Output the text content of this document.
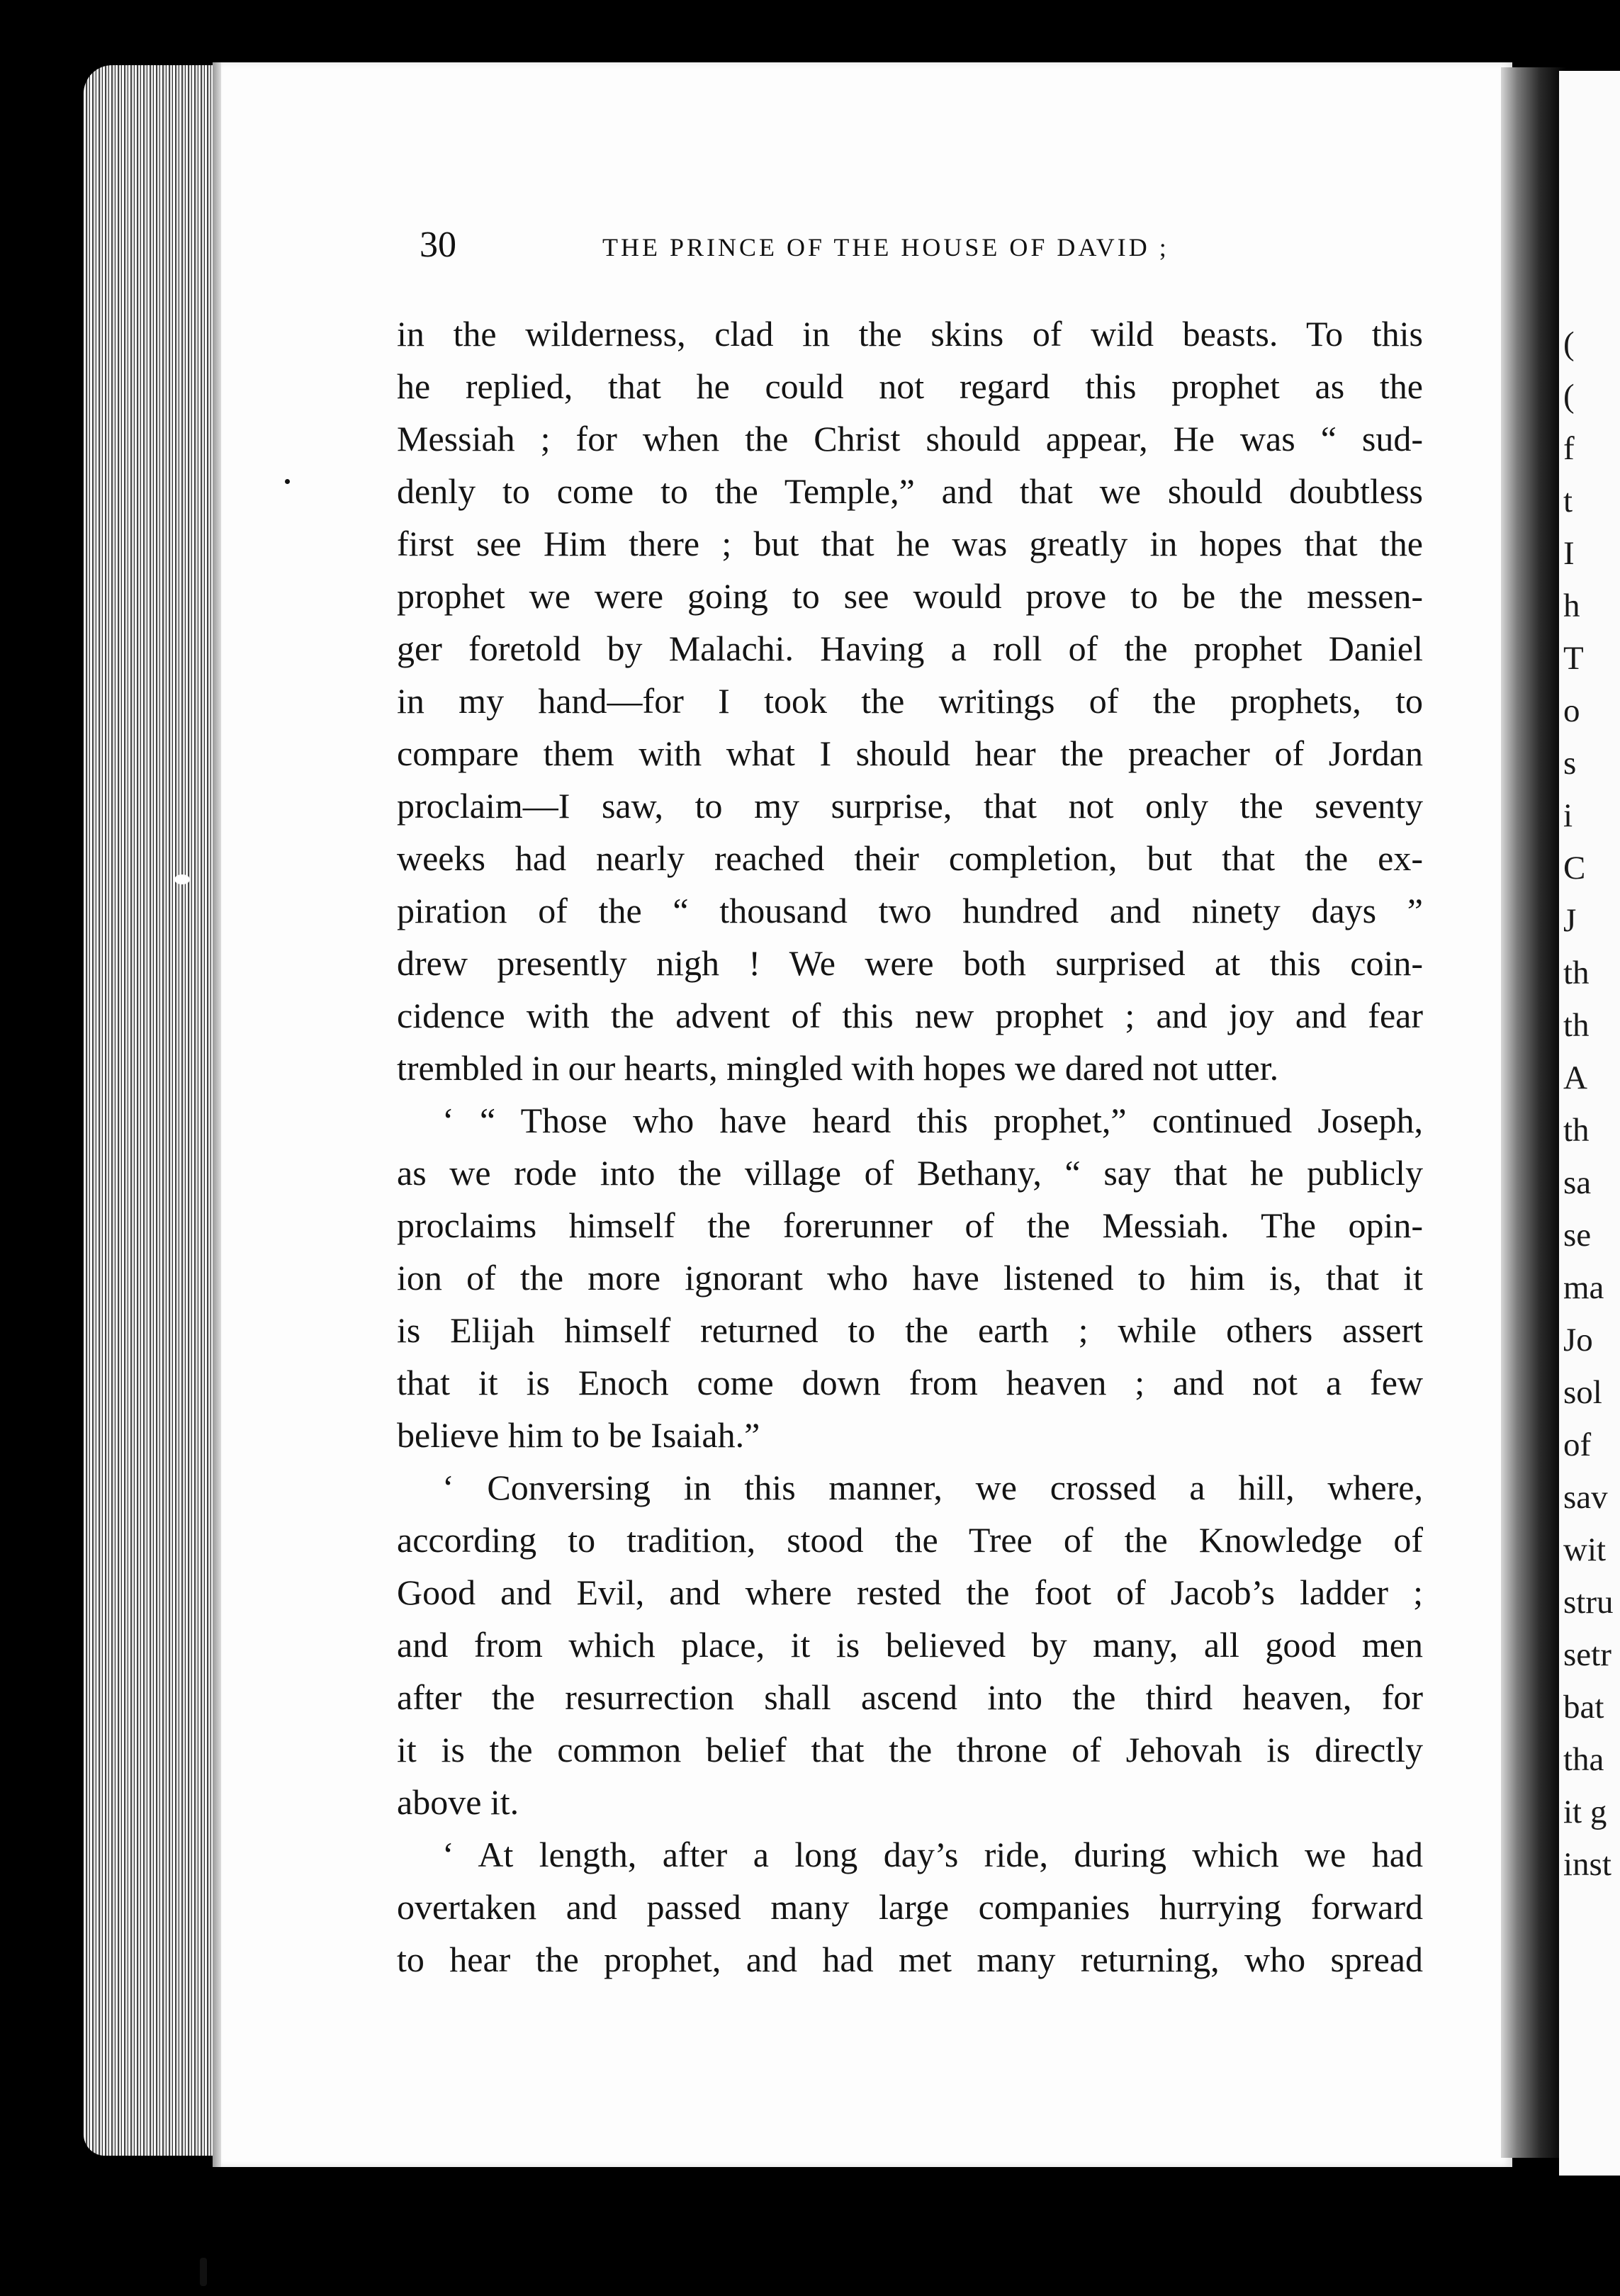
(
(
f
t
I
h
T
o
s
i
C
J
th
th
A
th
sa
se
ma
Jo
sol
of
sav
wit
stru
setr
bat
tha
it g
inst
30	THE PRINCE OF THE HOUSE OF DAVID ;
in the wilderness, clad in the skins of wild beasts. To this
he replied, that he could not regard this prophet as the
Messiah ; for when the Christ should appear, He was “ sud-
denly to come to the Temple,” and that we should doubtless
first see Him there ; but that he was greatly in hopes that the
prophet we were going to see would prove to be the messen-
ger foretold by Malachi. Having a roll of the prophet Daniel
in my hand—for I took the writings of the prophets, to
compare them with what I should hear the preacher of Jordan
proclaim—I saw, to my surprise, that not only the seventy
weeks had nearly reached their completion, but that the ex-
piration of the “ thousand two hundred and ninety days ”
drew presently nigh ! We were both surprised at this coin-
cidence with the advent of this new prophet ; and joy and fear
trembled in our hearts, mingled with hopes we dared not utter.
‘ “ Those who have heard this prophet,” continued Joseph,
as we rode into the village of Bethany, “ say that he publicly
proclaims himself the forerunner of the Messiah. The opin-
ion of the more ignorant who have listened to him is, that it
is Elijah himself returned to the earth ; while others assert
that it is Enoch come down from heaven ; and not a few
believe him to be Isaiah.”
‘ Conversing in this manner, we crossed a hill, where,
according to tradition, stood the Tree of the Knowledge of
Good and Evil, and where rested the foot of Jacob’s ladder ;
and from which place, it is believed by many, all good men
after the resurrection shall ascend into the third heaven, for
it is the common belief that the throne of Jehovah is directly
above it.
‘ At length, after a long day’s ride, during which we had
overtaken and passed many large companies hurrying forward
to hear the prophet, and had met many returning, who spread
